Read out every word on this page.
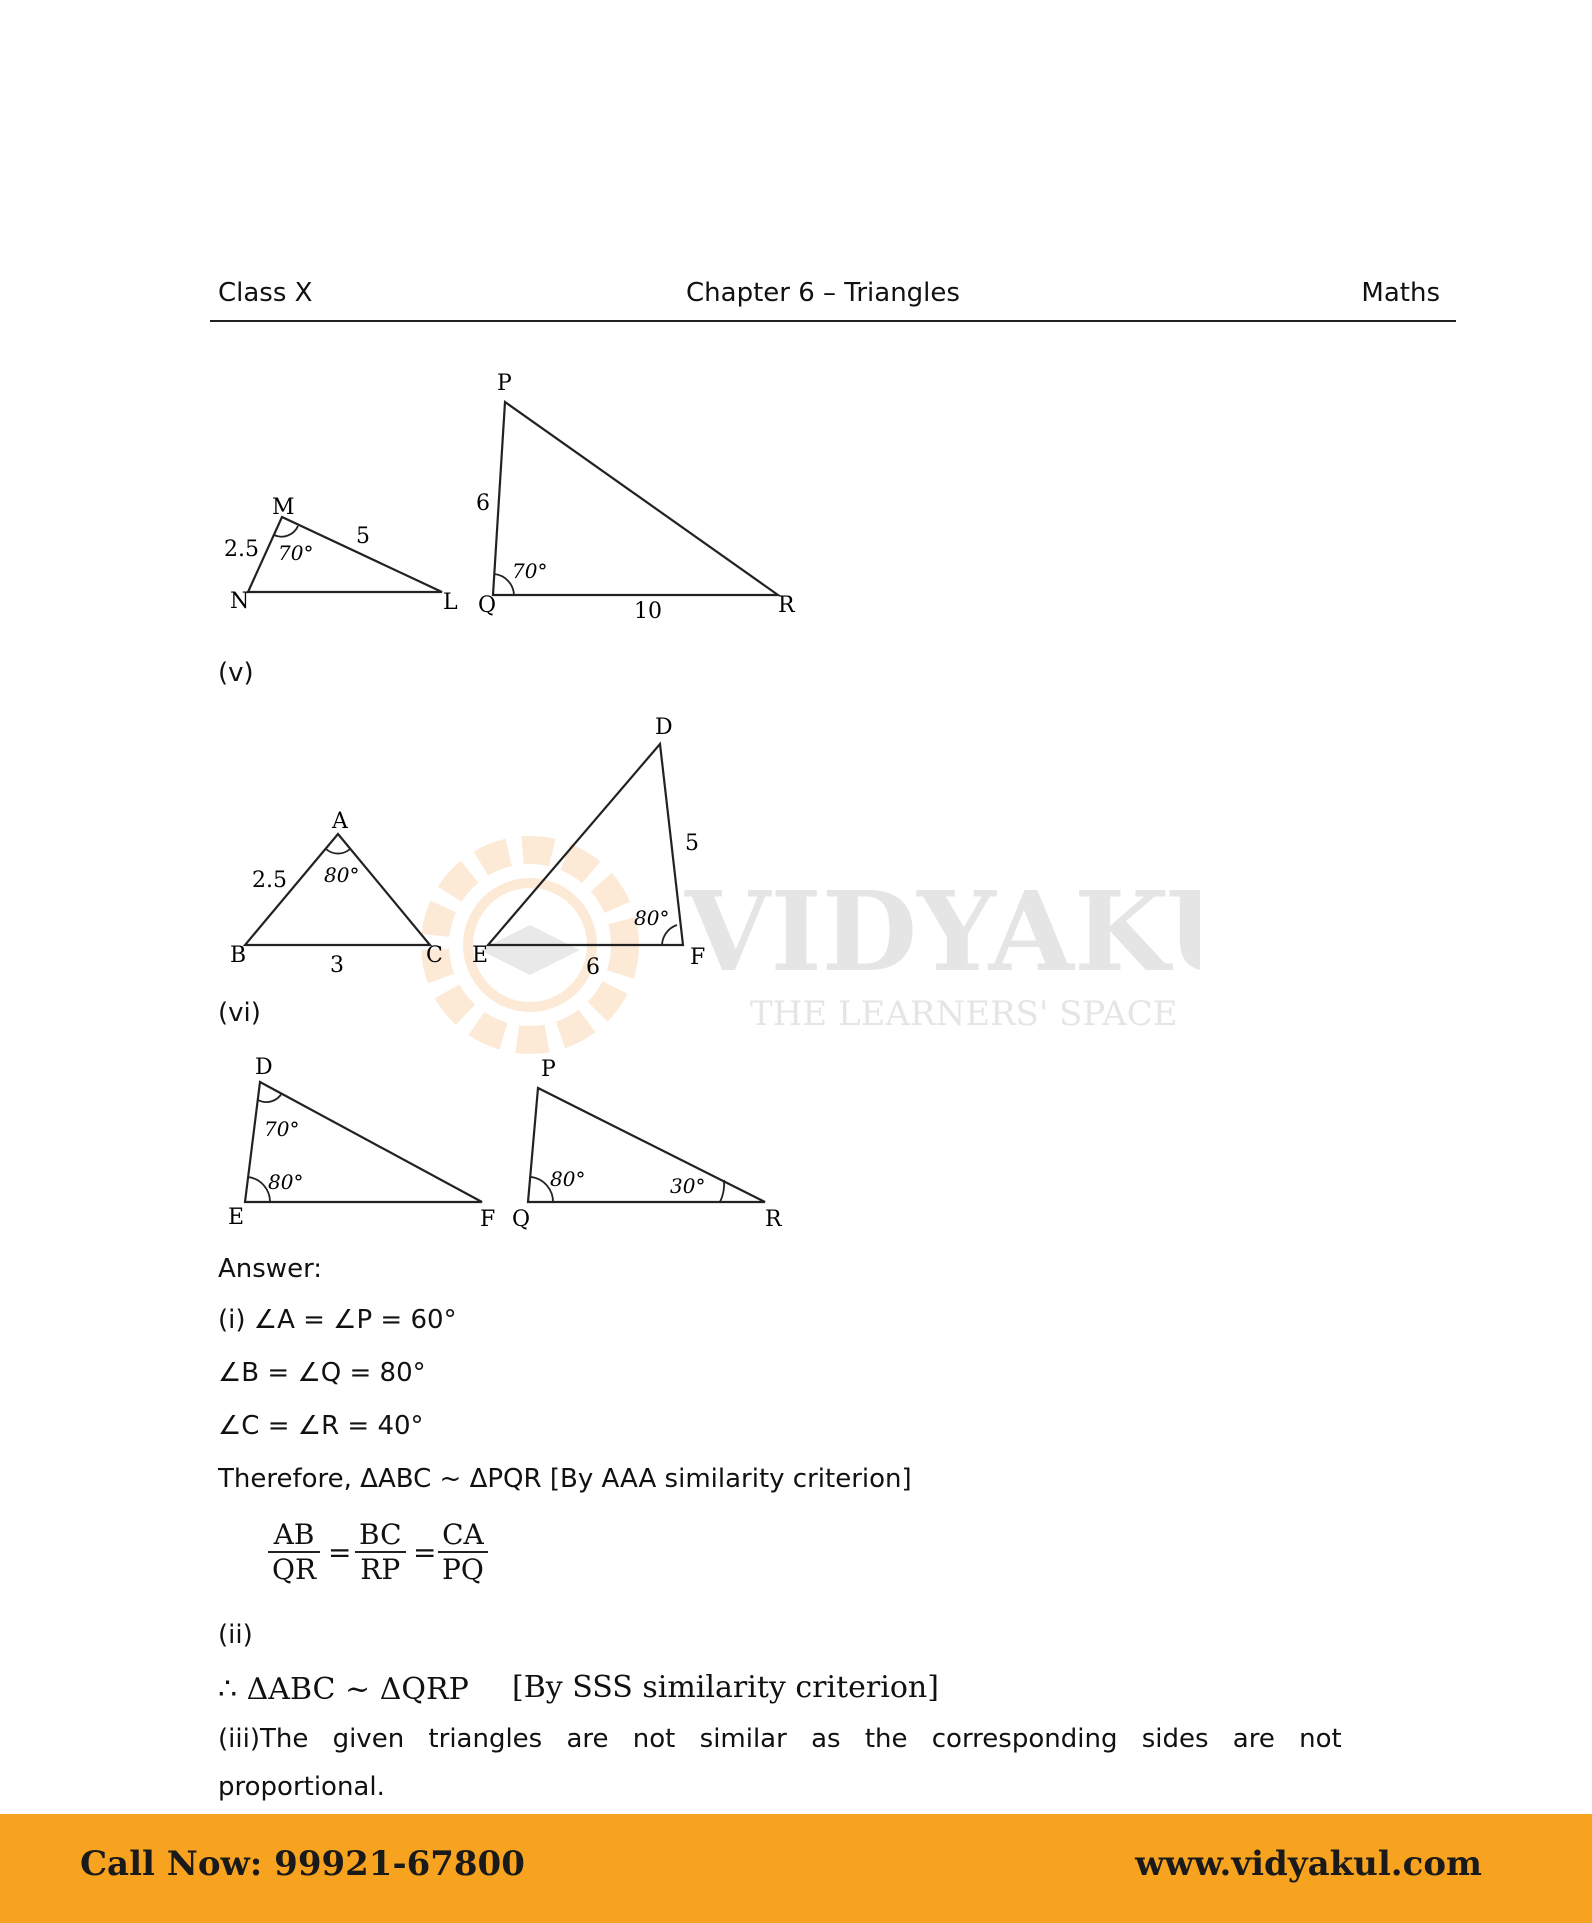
Class X	Chapter 6 – Triangles	Maths
VIDYAK
THE LEARNERS' SPACE
M
N	L
2.5
5
70°
P
Q	R
6
10
70°
(v)
A
B	C
2.5
3
80°
D
E	F
5
6
80°
(vi)
D
E	F
70°
80°
P
Q	R
80°	30°
Answer:
(i) ∠A = ∠P = 60°
∠B = ∠Q = 80°
∠C = ∠R = 40°
Therefore, ΔABC ~ ΔPQR [By AAA similarity criterion]
$\frac{AB}{QR} = \frac{BC}{RP} = \frac{CA}{PQ}$
(ii)
∴ ΔABC ~ ΔQRP [By SSS similarity criterion]
(iii)The given triangles are not similar as the corresponding sides are not
proportional.
Call Now: 99921-67800	www.vidyakul.com
